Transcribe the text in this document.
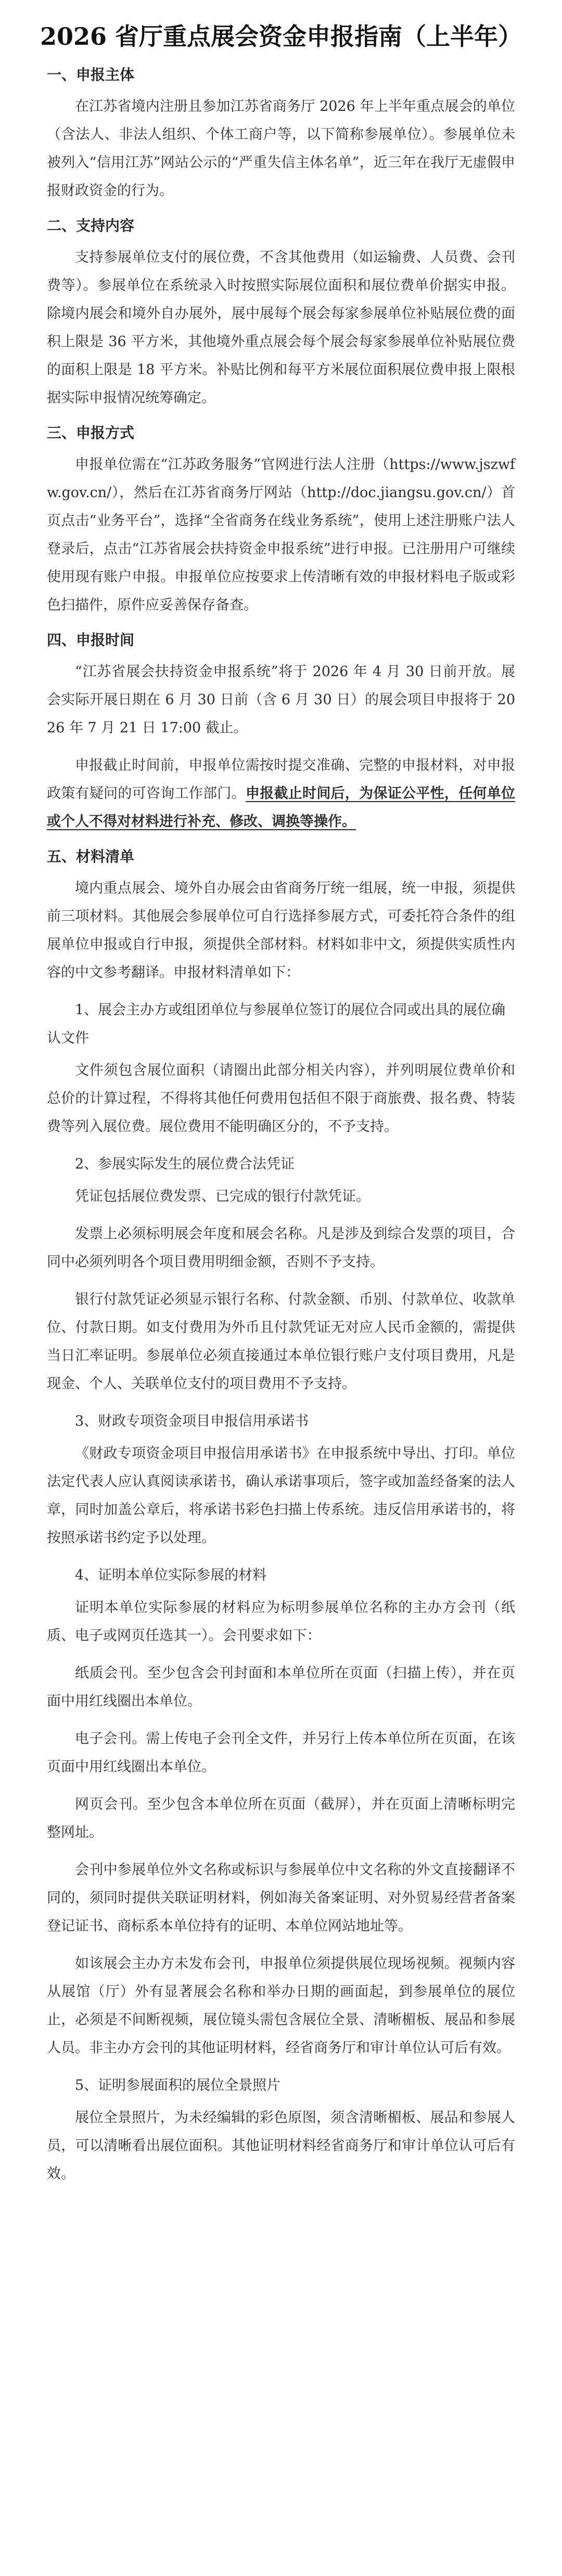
2026 省厅重点展会资金申报指南（上半年）
一、申报主体

在江苏省境内注册且参加江苏省商务厅 2026 年上半年重点展会的单位（含法人、非法人组织、个体工商户等，以下简称参展单位）。参展单位未被列入“信用江苏”网站公示的“严重失信主体名单”，近三年在我厅无虚假申报财政资金的行为。

二、支持内容

支持参展单位支付的展位费，不含其他费用（如运输费、人员费、会刊费等）。参展单位在系统录入时按照实际展位面积和展位费单价据实申报。除境内展会和境外自办展外，展中展每个展会每家参展单位补贴展位费的面积上限是 36 平方米，其他境外重点展会每个展会每家参展单位补贴展位费的面积上限是 18 平方米。补贴比例和每平方米展位面积展位费申报上限根据实际申报情况统筹确定。

三、申报方式

申报单位需在“江苏政务服务”官网进行法人注册（https://www.jszwfw.gov.cn/），然后在江苏省商务厅网站（http://doc.jiangsu.gov.cn/）首页点击“业务平台”，选择“全省商务在线业务系统”，使用上述注册账户法人登录后，点击“江苏省展会扶持资金申报系统”进行申报。已注册用户可继续使用现有账户申报。申报单位应按要求上传清晰有效的申报材料电子版或彩色扫描件，原件应妥善保存备查。

四、申报时间

“江苏省展会扶持资金申报系统”将于 2026 年 4 月 30 日前开放。展会实际开展日期在 6 月 30 日前（含 6 月 30 日）的展会项目申报将于 2026 年 7 月 21 日 17:00 截止。

申报截止时间前，申报单位需按时提交准确、完整的申报材料，对申报政策有疑问的可咨询工作部门。申报截止时间后，为保证公平性，任何单位或个人不得对材料进行补充、修改、调换等操作。

五、材料清单

境内重点展会、境外自办展会由省商务厅统一组展，统一申报，须提供前三项材料。其他展会参展单位可自行选择参展方式，可委托符合条件的组展单位申报或自行申报，须提供全部材料。材料如非中文，须提供实质性内容的中文参考翻译。申报材料清单如下：

1、展会主办方或组团单位与参展单位签订的展位合同或出具的展位确认文件

文件须包含展位面积（请圈出此部分相关内容），并列明展位费单价和总价的计算过程，不得将其他任何费用包括但不限于商旅费、报名费、特装费等列入展位费。展位费用不能明确区分的，不予支持。

2、参展实际发生的展位费合法凭证

凭证包括展位费发票、已完成的银行付款凭证。

发票上必须标明展会年度和展会名称。凡是涉及到综合发票的项目，合同中必须列明各个项目费用明细金额，否则不予支持。

银行付款凭证必须显示银行名称、付款金额、币别、付款单位、收款单位、付款日期。如支付费用为外币且付款凭证无对应人民币金额的，需提供当日汇率证明。参展单位必须直接通过本单位银行账户支付项目费用，凡是现金、个人、关联单位支付的项目费用不予支持。

3、财政专项资金项目申报信用承诺书

《财政专项资金项目申报信用承诺书》在申报系统中导出、打印。单位法定代表人应认真阅读承诺书，确认承诺事项后，签字或加盖经备案的法人章，同时加盖公章后，将承诺书彩色扫描上传系统。违反信用承诺书的，将按照承诺书约定予以处理。

4、证明本单位实际参展的材料

证明本单位实际参展的材料应为标明参展单位名称的主办方会刊（纸质、电子或网页任选其一）。会刊要求如下：

纸质会刊。至少包含会刊封面和本单位所在页面（扫描上传），并在页面中用红线圈出本单位。

电子会刊。需上传电子会刊全文件，并另行上传本单位所在页面，在该页面中用红线圈出本单位。

网页会刊。至少包含本单位所在页面（截屏），并在页面上清晰标明完整网址。

会刊中参展单位外文名称或标识与参展单位中文名称的外文直接翻译不同的，须同时提供关联证明材料，例如海关备案证明、对外贸易经营者备案登记证书、商标系本单位持有的证明、本单位网站地址等。

如该展会主办方未发布会刊，申报单位须提供展位现场视频。视频内容从展馆（厅）外有显著展会名称和举办日期的画面起，到参展单位的展位止，必须是不间断视频，展位镜头需包含展位全景、清晰楣板、展品和参展人员。非主办方会刊的其他证明材料，经省商务厅和审计单位认可后有效。

5、证明参展面积的展位全景照片

展位全景照片，为未经编辑的彩色原图，须含清晰楣板、展品和参展人员，可以清晰看出展位面积。其他证明材料经省商务厅和审计单位认可后有效。
